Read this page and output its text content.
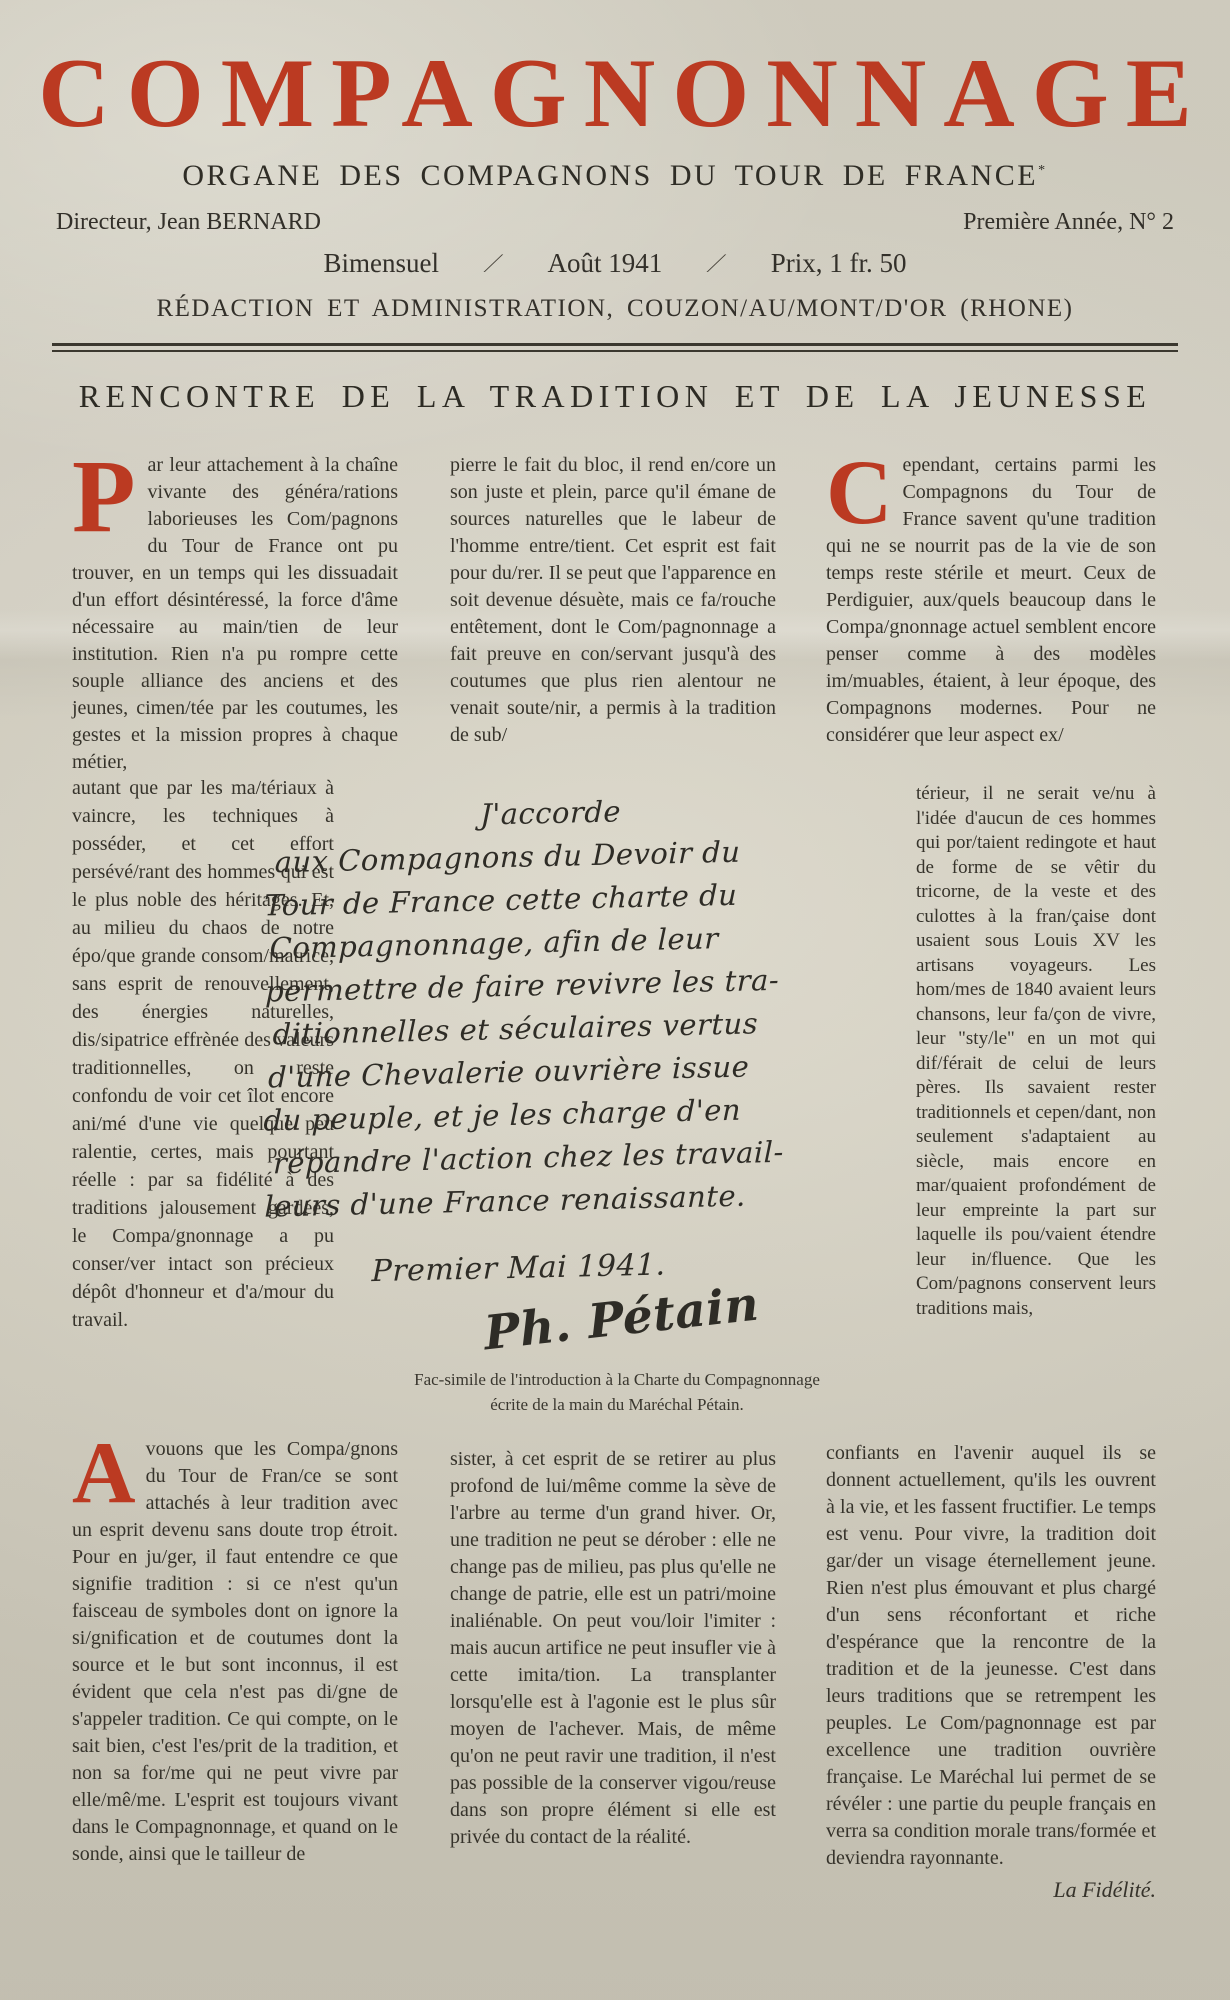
COMPAGNONNAGE
ORGANE DES COMPAGNONS DU TOUR DE FRANCE*
Directeur, Jean BERNARD	Première Année, N° 2
Bimensuel ⁄ Août 1941 ⁄ Prix, 1 fr. 50
RÉDACTION ET ADMINISTRATION, COUZON/AU/MONT/D'OR (RHONE)
RENCONTRE DE LA TRADITION ET DE LA JEUNESSE
Par leur attachement à la chaîne vivante des généra/rations laborieuses les Com/pagnons du Tour de France ont pu trouver, en un temps qui les dissuadait d'un effort désintéressé, la force d'âme nécessaire au main/tien de leur institution. Rien n'a pu rompre cette souple alliance des anciens et des jeunes, cimen/tée par les coutumes, les gestes et la mission propres à chaque métier,
autant que par les ma/tériaux à vaincre, les techniques à posséder, et cet effort persévé/rant des hommes qui est le plus noble des héritages. Et, au milieu du chaos de notre épo/que grande consom/matrice, sans esprit de renouvellement, des énergies naturelles, dis/sipatrice effrènée des valeurs traditionnelles, on reste confondu de voir cet îlot encore ani/mé d'une vie quelque peu ralentie, certes, mais pourtant réelle : par sa fidélité à des traditions jalousement gardées, le Compa/gnonnage a pu conser/ver intact son précieux dépôt d'honneur et d'a/mour du travail.
Avouons que les Compa/gnons du Tour de Fran/ce se sont attachés à leur tradition avec un esprit devenu sans doute trop étroit. Pour en ju/ger, il faut entendre ce que signifie tradition : si ce n'est qu'un faisceau de symboles dont on ignore la si/gnification et de coutumes dont la source et le but sont inconnus, il est évident que cela n'est pas di/gne de s'appeler tradition. Ce qui compte, on le sait bien, c'est l'es/prit de la tradition, et non sa for/me qui ne peut vivre par elle/mê/me. L'esprit est toujours vivant dans le Compagnonnage, et quand on le sonde, ainsi que le tailleur de
pierre le fait du bloc, il rend en/core un son juste et plein, parce qu'il émane de sources naturelles que le labeur de l'homme entre/tient. Cet esprit est fait pour du/rer. Il se peut que l'apparence en soit devenue désuète, mais ce fa/rouche entêtement, dont le Com/pagnonnage a fait preuve en con/servant jusqu'à des coutumes que plus rien alentour ne venait soute/nir, a permis à la tradition de sub/
J'accorde
aux Compagnons du Devoir du
Tour de France cette charte du
Compagnonnage, afin de leur
permettre de faire revivre les tra-
ditionnelles et séculaires vertus
d'une Chevalerie ouvrière issue
du peuple, et je les charge d'en
répandre l'action chez les travail-
leurs d'une France renaissante.
Premier Mai 1941.
Ph. Pétain
Fac-simile de l'introduction à la Charte du Compagnonnage
écrite de la main du Maréchal Pétain.
sister, à cet esprit de se retirer au plus profond de lui/même comme la sève de l'arbre au terme d'un grand hiver. Or, une tradition ne peut se dérober : elle ne change pas de milieu, pas plus qu'elle ne change de patrie, elle est un patri/moine inaliénable. On peut vou/loir l'imiter : mais aucun artifice ne peut insufler vie à cette imita/tion. La transplanter lorsqu'elle est à l'agonie est le plus sûr moyen de l'achever. Mais, de même qu'on ne peut ravir une tradition, il n'est pas possible de la conserver vigou/reuse dans son propre élément si elle est privée du contact de la réalité.
Cependant, certains parmi les Compagnons du Tour de France savent qu'une tradition qui ne se nourrit pas de la vie de son temps reste stérile et meurt. Ceux de Perdiguier, aux/quels beaucoup dans le Compa/gnonnage actuel semblent encore penser comme à des modèles im/muables, étaient, à leur époque, des Compagnons modernes. Pour ne considérer que leur aspect ex/
térieur, il ne serait ve/nu à l'idée d'aucun de ces hommes qui por/taient redingote et haut de forme de se vêtir du tricorne, de la veste et des culottes à la fran/çaise dont usaient sous Louis XV les artisans voyageurs. Les hom/mes de 1840 avaient leurs chansons, leur fa/çon de vivre, leur "sty/le" en un mot qui dif/férait de celui de leurs pères. Ils savaient rester traditionnels et cepen/dant, non seulement s'adaptaient au siècle, mais encore en mar/quaient profondément de leur empreinte la part sur laquelle ils pou/vaient étendre leur in/fluence. Que les Com/pagnons conservent leurs traditions mais,
confiants en l'avenir auquel ils se donnent actuellement, qu'ils les ouvrent à la vie, et les fassent fructifier. Le temps est venu. Pour vivre, la tradition doit gar/der un visage éternellement jeune. Rien n'est plus émouvant et plus chargé d'un sens réconfortant et riche d'espérance que la rencontre de la tradition et de la jeunesse. C'est dans leurs traditions que se retrempent les peuples. Le Com/pagnonnage est par excellence une tradition ouvrière française. Le Maréchal lui permet de se révéler : une partie du peuple français en verra sa condition morale trans/formée et deviendra rayonnante.
La Fidélité.
